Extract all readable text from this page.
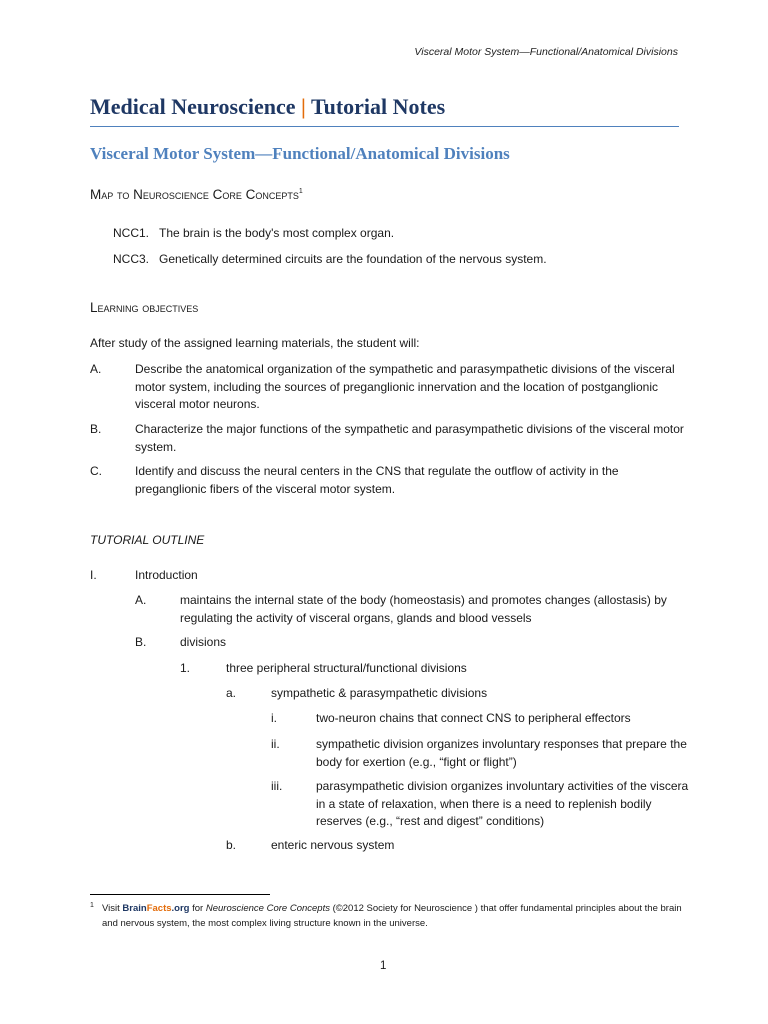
Visceral Motor System—Functional/Anatomical Divisions
Medical Neuroscience | Tutorial Notes
Visceral Motor System—Functional/Anatomical Divisions
Map to Neuroscience Core Concepts$^1$
NCC1. The brain is the body's most complex organ.
NCC3. Genetically determined circuits are the foundation of the nervous system.
Learning objectives
After study of the assigned learning materials, the student will:
A.	Describe the anatomical organization of the sympathetic and parasympathetic divisions of the visceral motor system, including the sources of preganglionic innervation and the location of postganglionic visceral motor neurons.
B.	Characterize the major functions of the sympathetic and parasympathetic divisions of the visceral motor system.
C.	Identify and discuss the neural centers in the CNS that regulate the outflow of activity in the preganglionic fibers of the visceral motor system.
TUTORIAL OUTLINE
I.	Introduction
A.	maintains the internal state of the body (homeostasis) and promotes changes (allostasis) by regulating the activity of visceral organs, glands and blood vessels
B.	divisions
1.	three peripheral structural/functional divisions
a.	sympathetic & parasympathetic divisions
i.	two-neuron chains that connect CNS to peripheral effectors
ii.	sympathetic division organizes involuntary responses that prepare the body for exertion (e.g., “fight or flight”)
iii.	parasympathetic division organizes involuntary activities of the viscera in a state of relaxation, when there is a need to replenish bodily reserves (e.g., “rest and digest” conditions)
b.	enteric nervous system
1 Visit BrainFacts.org for Neuroscience Core Concepts (©2012 Society for Neuroscience ) that offer fundamental principles about the brain and nervous system, the most complex living structure known in the universe.
1
